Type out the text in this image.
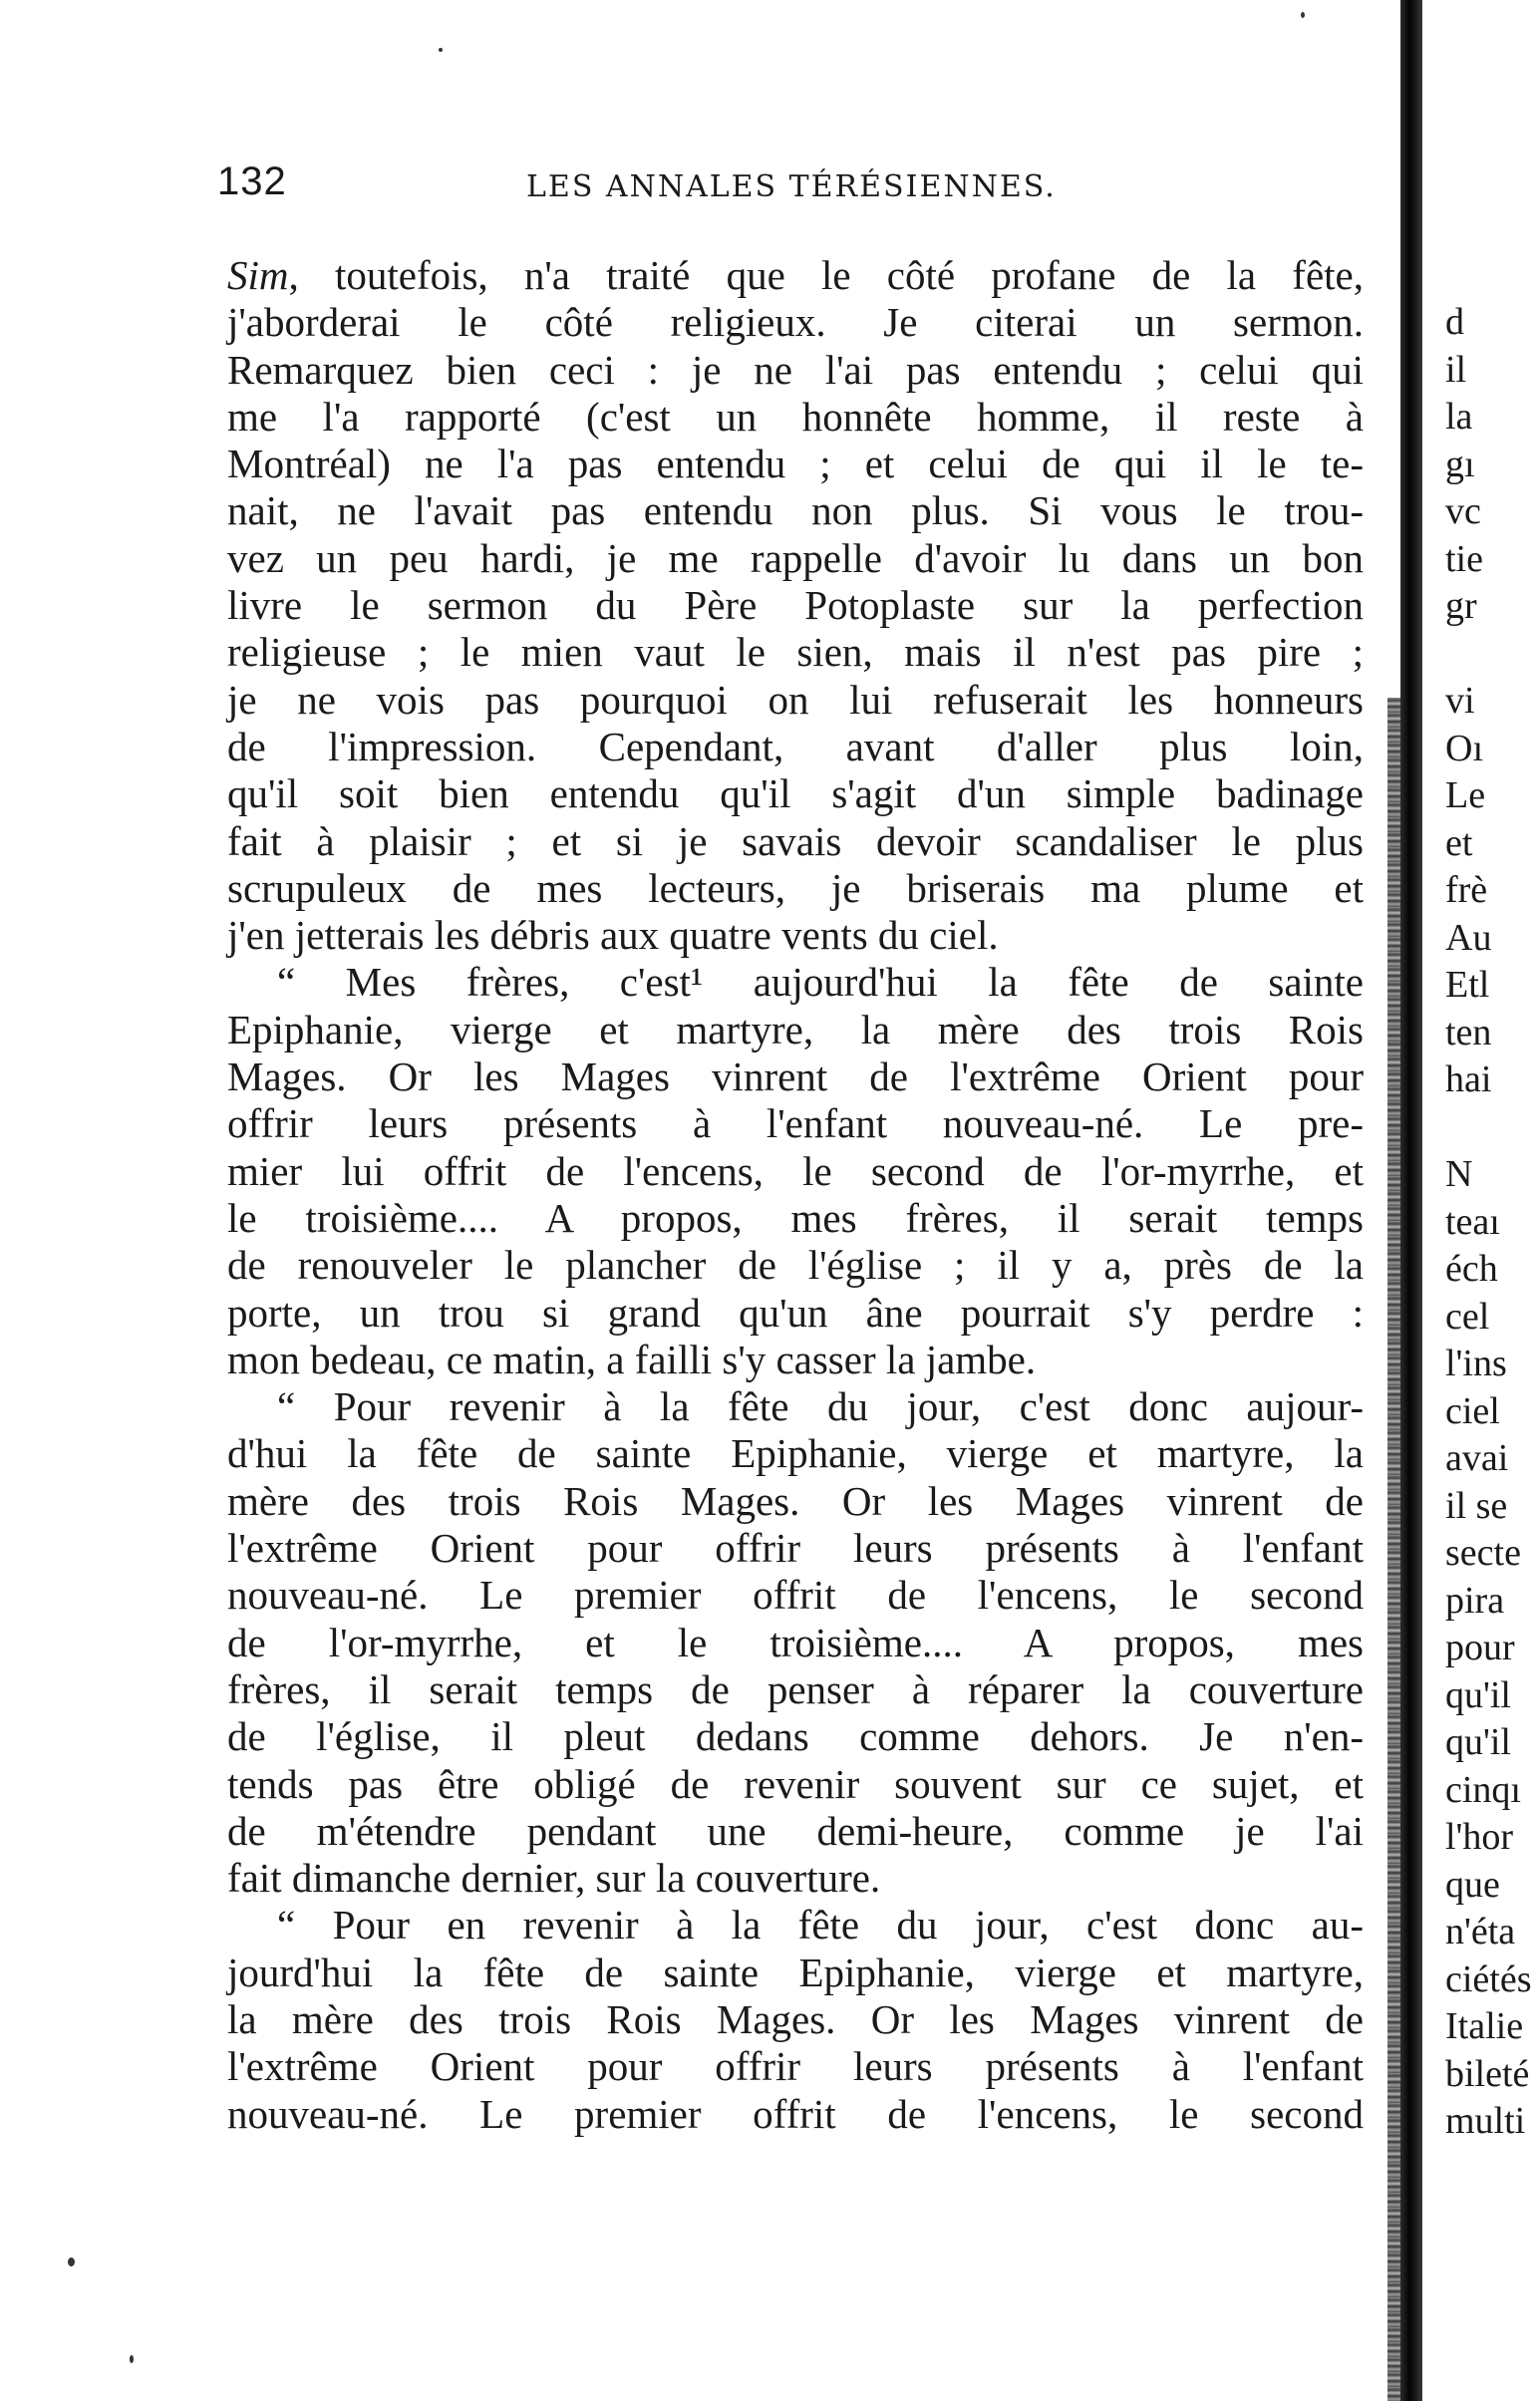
132	LES ANNALES TÉRÉSIENNES.
Sim, toutefois, n'a traité que le côté profane de la fête,
j'aborderai le côté religieux. Je citerai un sermon.
Remarquez bien ceci : je ne l'ai pas entendu ; celui qui
me l'a rapporté (c'est un honnête homme, il reste à
Montréal) ne l'a pas entendu ; et celui de qui il le te-
nait, ne l'avait pas entendu non plus. Si vous le trou-
vez un peu hardi, je me rappelle d'avoir lu dans un bon
livre le sermon du Père Potoplaste sur la perfection
religieuse ; le mien vaut le sien, mais il n'est pas pire ;
je ne vois pas pourquoi on lui refuserait les honneurs
de l'impression. Cependant, avant d'aller plus loin,
qu'il soit bien entendu qu'il s'agit d'un simple badinage
fait à plaisir ; et si je savais devoir scandaliser le plus
scrupuleux de mes lecteurs, je briserais ma plume et
j'en jetterais les débris aux quatre vents du ciel.
“ Mes frères, c'est¹ aujourd'hui la fête de sainte
Epiphanie, vierge et martyre, la mère des trois Rois
Mages. Or les Mages vinrent de l'extrême Orient pour
offrir leurs présents à l'enfant nouveau-né. Le pre-
mier lui offrit de l'encens, le second de l'or-myrrhe, et
le troisième.... A propos, mes frères, il serait temps
de renouveler le plancher de l'église ; il y a, près de la
porte, un trou si grand qu'un âne pourrait s'y perdre :
mon bedeau, ce matin, a failli s'y casser la jambe.
“ Pour revenir à la fête du jour, c'est donc aujour-
d'hui la fête de sainte Epiphanie, vierge et martyre, la
mère des trois Rois Mages. Or les Mages vinrent de
l'extrême Orient pour offrir leurs présents à l'enfant
nouveau-né. Le premier offrit de l'encens, le second
de l'or-myrrhe, et le troisième.... A propos, mes
frères, il serait temps de penser à réparer la couverture
de l'église, il pleut dedans comme dehors. Je n'en-
tends pas être obligé de revenir souvent sur ce sujet, et
de m'étendre pendant une demi-heure, comme je l'ai
fait dimanche dernier, sur la couverture.
“ Pour en revenir à la fête du jour, c'est donc au-
jourd'hui la fête de sainte Epiphanie, vierge et martyre,
la mère des trois Rois Mages. Or les Mages vinrent de
l'extrême Orient pour offrir leurs présents à l'enfant
nouveau-né. Le premier offrit de l'encens, le second
d
il
la
gı
vc
tie
gr
vi
Oı
Le
et
frè
Au
Etl
ten
hai
N
teaı
éch
cel
l'ins
ciel
avai
il se
secte
pira
pour
qu'il
qu'il
cinqı
l'hor
que
n'éta
ciétés
Italie
bileté
multi
